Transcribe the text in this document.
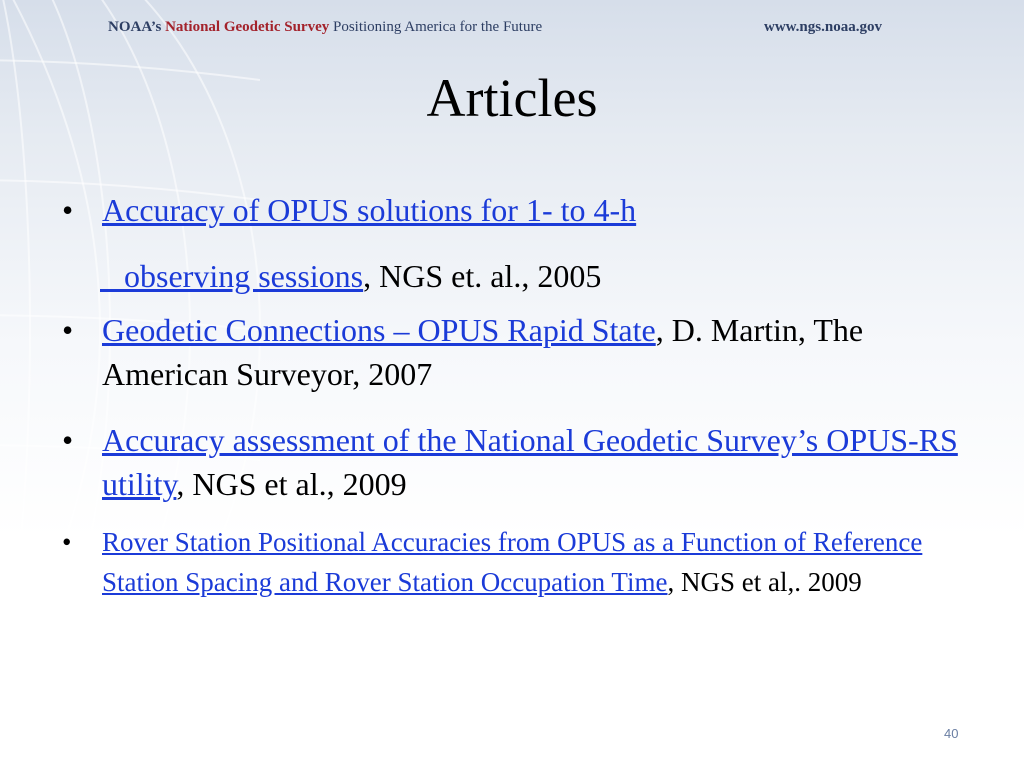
NOAA’s National Geodetic Survey Positioning America for the Future	www.ngs.noaa.gov
Articles
• Accuracy of OPUS solutions for 1- to 4-h
observing sessions, NGS et. al., 2005
• Geodetic Connections – OPUS Rapid State, D. Martin, The American Surveyor, 2007
• Accuracy assessment of the National Geodetic Survey’s OPUS-RS utility, NGS et al., 2009
• Rover Station Positional Accuracies from OPUS as a Function of Reference Station Spacing and Rover Station Occupation Time, NGS et al,. 2009
40
